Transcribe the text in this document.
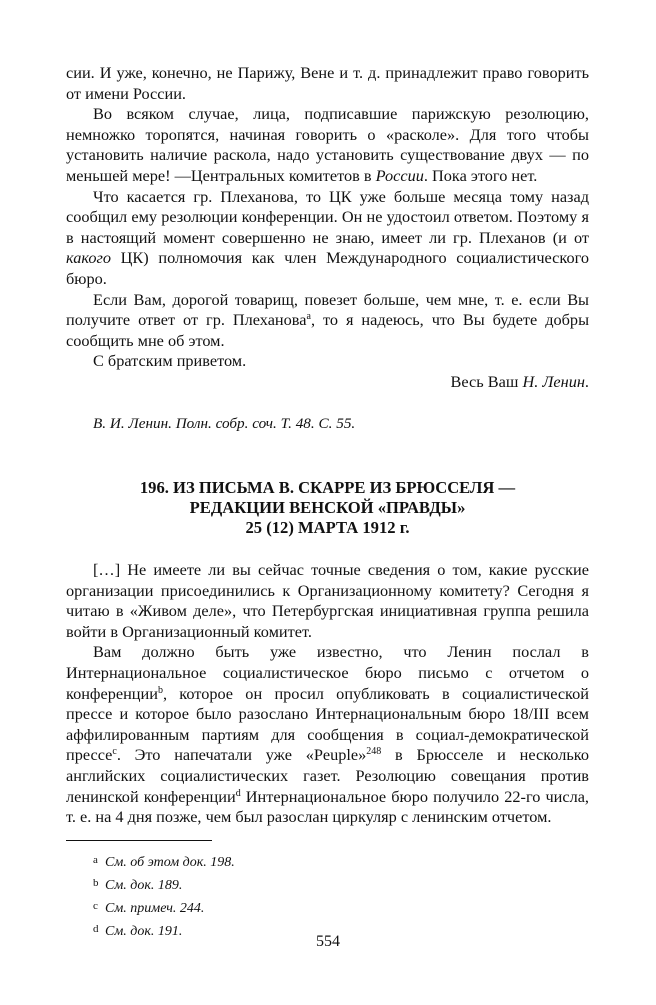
сии. И уже, конечно, не Парижу, Вене и т. д. принадлежит право говорить от имени России.

Во всяком случае, лица, подписавшие парижскую резолюцию, немножко торопятся, начиная говорить о «расколе». Для того чтобы установить наличие раскола, надо установить существование двух — по меньшей мере! —Центральных комитетов в России. Пока этого нет.

Что касается гр. Плеханова, то ЦК уже больше месяца тому назад сообщил ему резолюции конференции. Он не удостоил ответом. Поэтому я в настоящий момент совершенно не знаю, имеет ли гр. Плеханов (и от какого ЦК) полномочия как член Международного социалистического бюро.

Если Вам, дорогой товарищ, повезет больше, чем мне, т. е. если Вы получите ответ от гр. Плеханова$^a$, то я надеюсь, что Вы будете добры сообщить мне об этом.

С братским приветом.

Весь Ваш Н. Ленин.

В. И. Ленин. Полн. собр. соч. Т. 48. С. 55.

196. ИЗ ПИСЬМА В. СКАРРЕ ИЗ БРЮССЕЛЯ —
РЕДАКЦИИ ВЕНСКОЙ «ПРАВДЫ»
25 (12) МАРТА 1912 г.

[…] Не имеете ли вы сейчас точные сведения о том, какие русские организации присоединились к Организационному комитету? Сегодня я читаю в «Живом деле», что Петербургская инициативная группа решила войти в Организационный комитет.

Вам должно быть уже известно, что Ленин послал в Интернациональное социалистическое бюро письмо с отчетом о конференции$^b$, которое он просил опубликовать в социалистической прессе и которое было разослано Интернациональным бюро 18/III всем аффилированным партиям для сообщения в социал-демократической прессе$^c$. Это напечатали уже «Peuple»$^{248}$ в Брюсселе и несколько английских социалистических газет. Резолюцию совещания против ленинской конференции$^d$ Интернациональное бюро получило 22-го числа, т. е. на 4 дня позже, чем был разослан циркуляр с ленинским отчетом.

a См. об этом док. 198.
b См. док. 189.
c См. примеч. 244.
d См. док. 191.
554
